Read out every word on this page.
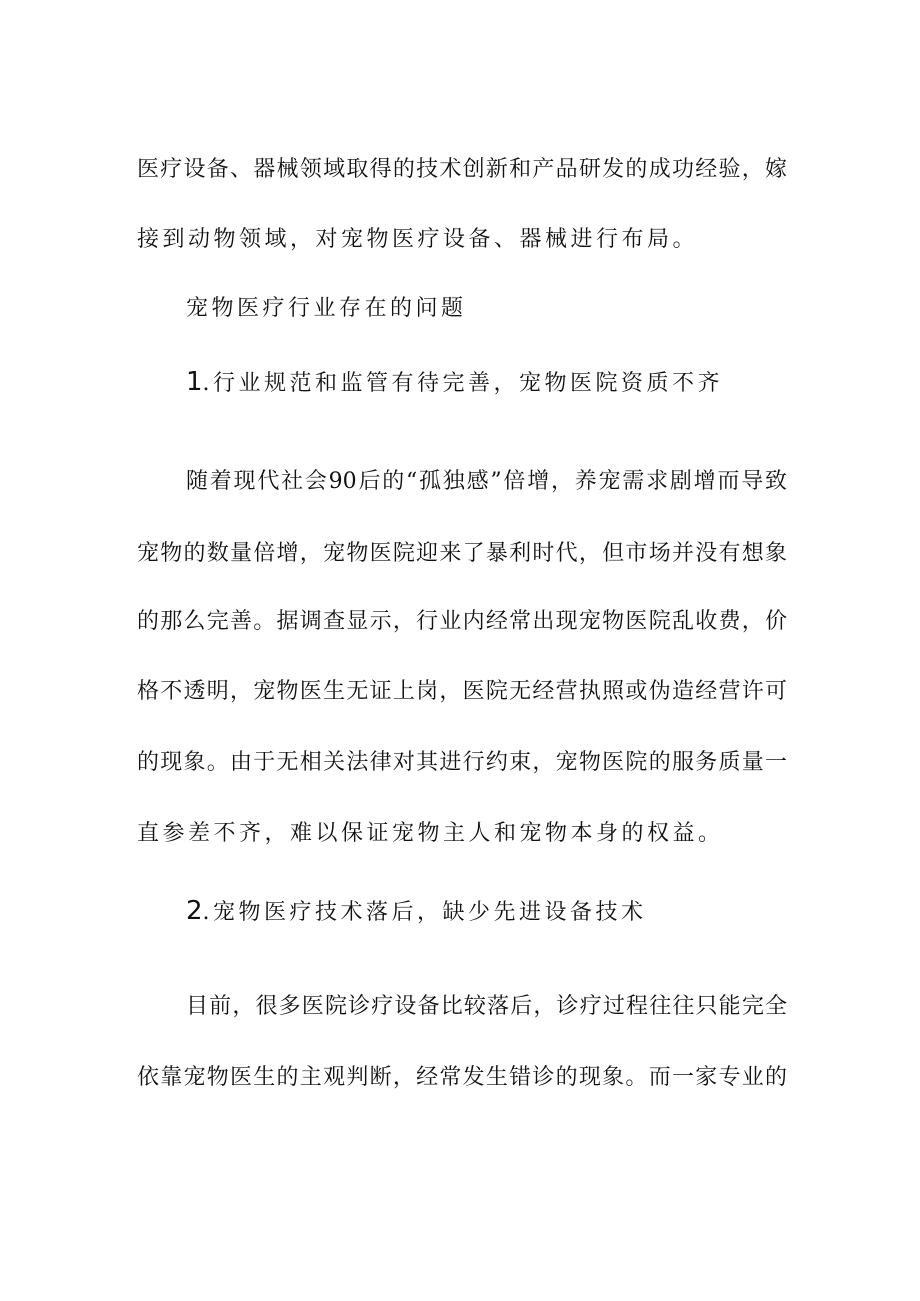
医疗设备、器械领域取得的技术创新和产品研发的成功经验，嫁
接到动物领域，对宠物医疗设备、器械进行布局。
宠物医疗行业存在的问题
1.行业规范和监管有待完善，宠物医院资质不齐
随着现代社会90后的“孤独感”倍增，养宠需求剧增而导致
宠物的数量倍增，宠物医院迎来了暴利时代，但市场并没有想象
的那么完善。据调查显示，行业内经常出现宠物医院乱收费，价
格不透明，宠物医生无证上岗，医院无经营执照或伪造经营许可
的现象。由于无相关法律对其进行约束，宠物医院的服务质量一
直参差不齐，难以保证宠物主人和宠物本身的权益。
2.宠物医疗技术落后，缺少先进设备技术
目前，很多医院诊疗设备比较落后，诊疗过程往往只能完全
依靠宠物医生的主观判断，经常发生错诊的现象。而一家专业的
